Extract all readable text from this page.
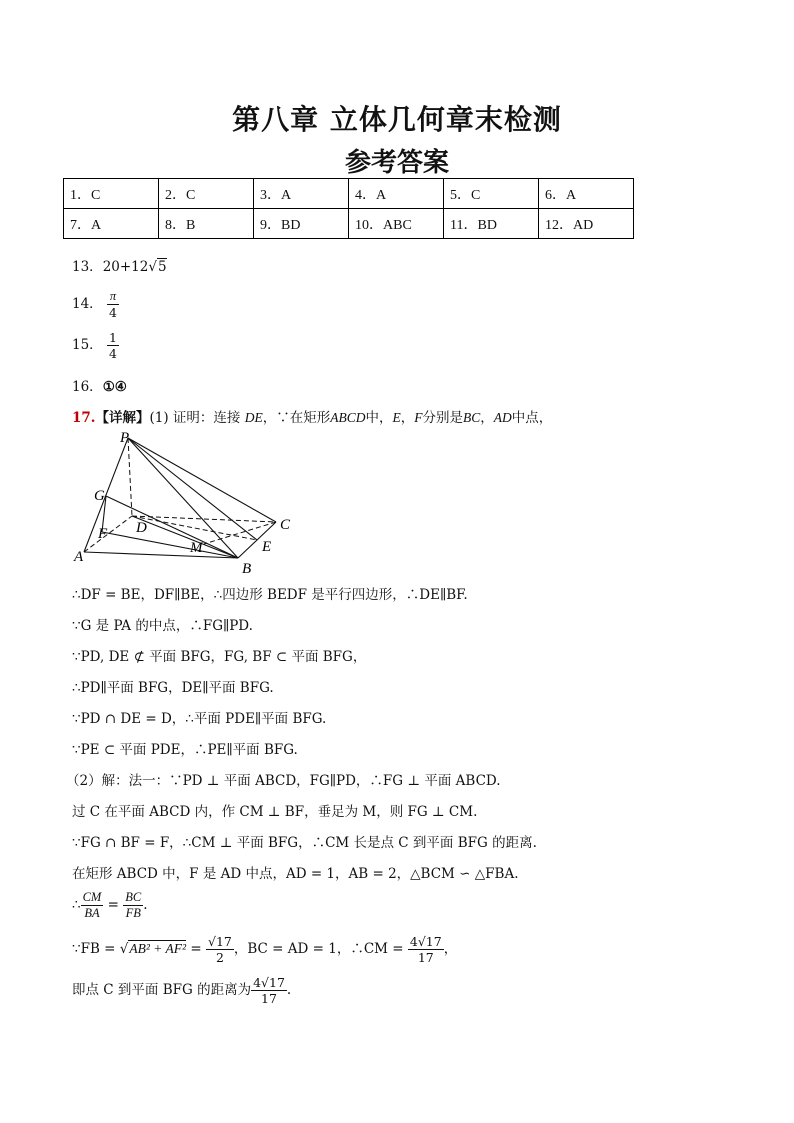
第八章 立体几何章末检测
参考答案
1．C	2．C	3．A	4．A	5．C	6．A
7．A	8．B	9．BD	10．ABC	11．BD	12．AD
13．20+12√5
14． $\frac{\pi}{4}$
15． $\frac{1}{4}$
16．①④
17.【详解】(1) 证明：连接 DE，∵在矩形ABCD中，E，F分别是BC，AD中点，
P
G
D	C
F
A
M	E
B
∴DF = BE，DF∥BE，∴四边形 BEDF 是平行四边形，∴DE∥BF.
∵G 是 PA 的中点，∴FG∥PD.
∵PD, DE ⊄ 平面 BFG，FG, BF ⊂ 平面 BFG，
∴PD∥平面 BFG，DE∥平面 BFG.
∵PD ∩ DE = D，∴平面 PDE∥平面 BFG.
∵PE ⊂ 平面 PDE，∴PE∥平面 BFG.
（2）解：法一：∵PD ⊥ 平面 ABCD，FG∥PD，∴FG ⊥ 平面 ABCD.
过 C 在平面 ABCD 内，作 CM ⊥ BF，垂足为 M，则 FG ⊥ CM.
∵FG ∩ BF = F，∴CM ⊥ 平面 BFG，∴CM 长是点 C 到平面 BFG 的距离.
在矩形 ABCD 中，F 是 AD 中点，AD = 1，AB = 2，△BCM ∽ △FBA.
∴ $\frac{CM}{BA} = \frac{BC}{FB}$ .
∵FB = $√AB^2 + AF^2 = \frac{√17}{2}$ ，BC = AD = 1，∴CM = $\frac{4√17}{17}$ ，
即点 C 到平面 BFG 的距离为 $\frac{4√17}{17}$ .
